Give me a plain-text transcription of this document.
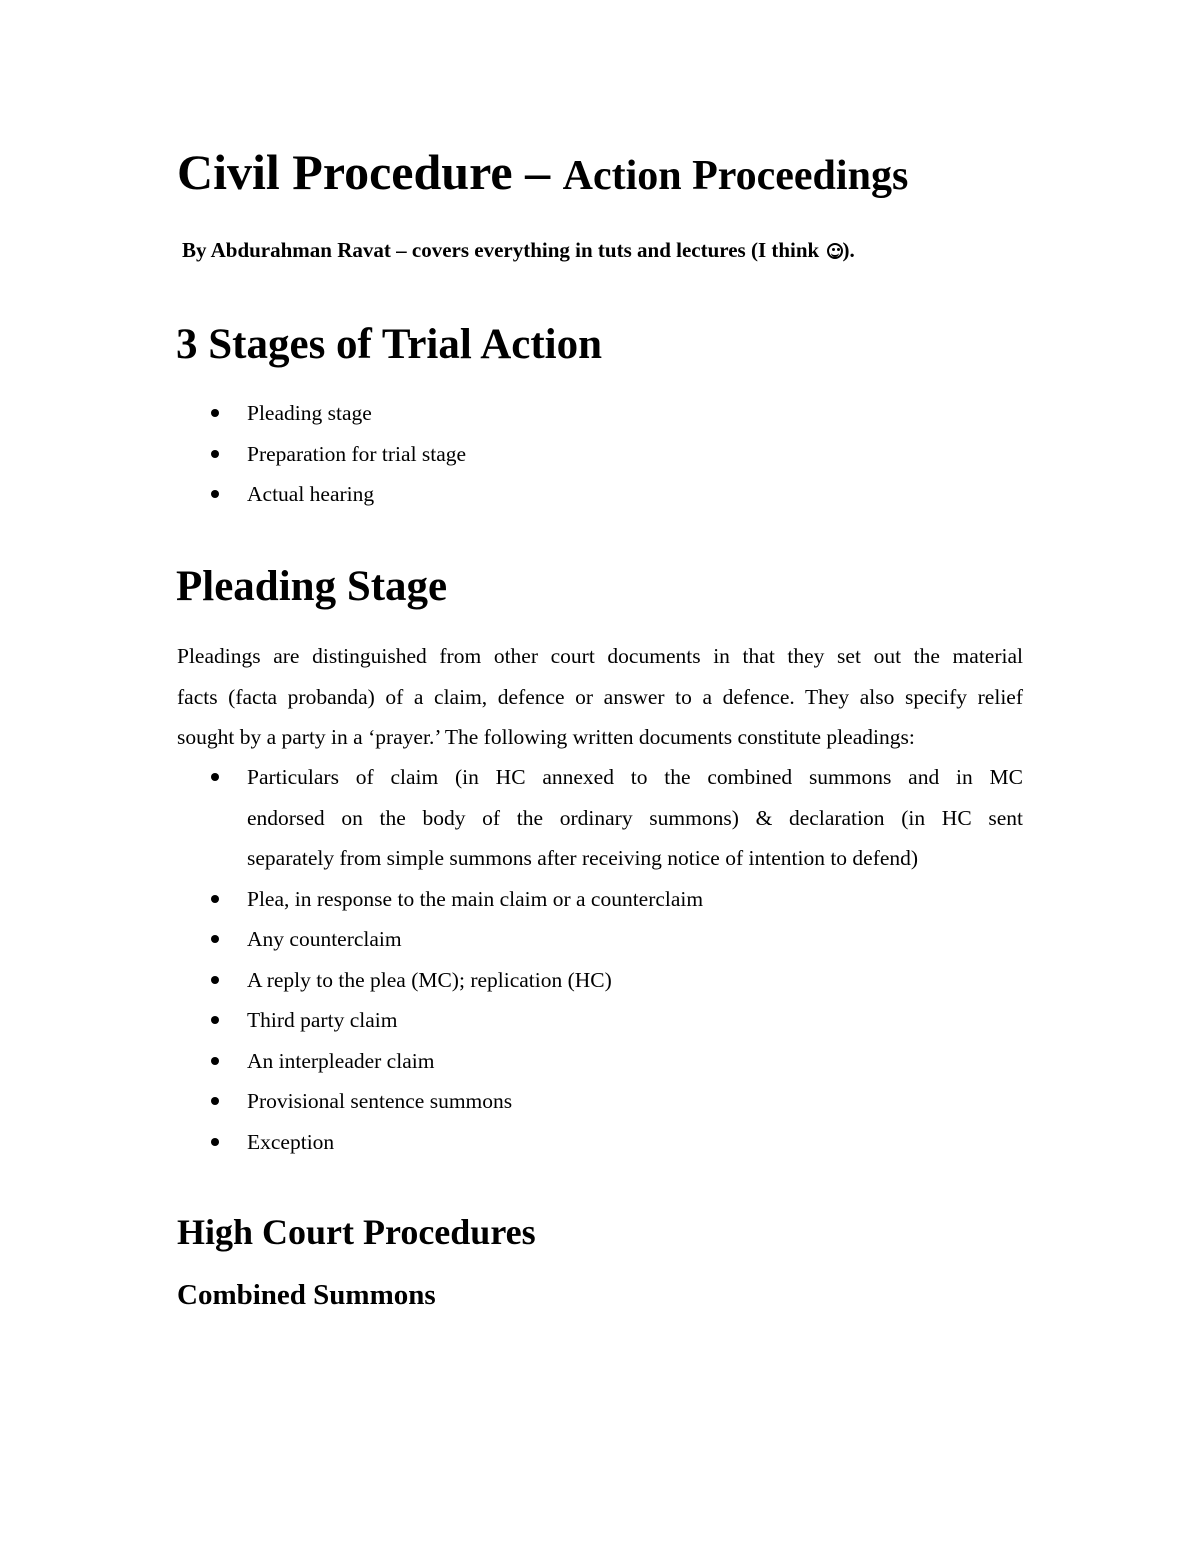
Civil Procedure – Action Proceedings
By Abdurahman Ravat – covers everything in tuts and lectures (I think ).
3 Stages of Trial Action
Pleading stage
Preparation for trial stage
Actual hearing
Pleading Stage
Pleadings are distinguished from other court documents in that they set out the material
facts (facta probanda) of a claim, defence or answer to a defence. They also specify relief
sought by a party in a ‘prayer.’ The following written documents constitute pleadings:
Particulars of claim (in HC annexed to the combined summons and in MC
endorsed on the body of the ordinary summons) & declaration (in HC sent
separately from simple summons after receiving notice of intention to defend)
Plea, in response to the main claim or a counterclaim
Any counterclaim
A reply to the plea (MC); replication (HC)
Third party claim
An interpleader claim
Provisional sentence summons
Exception
High Court Procedures
Combined Summons
